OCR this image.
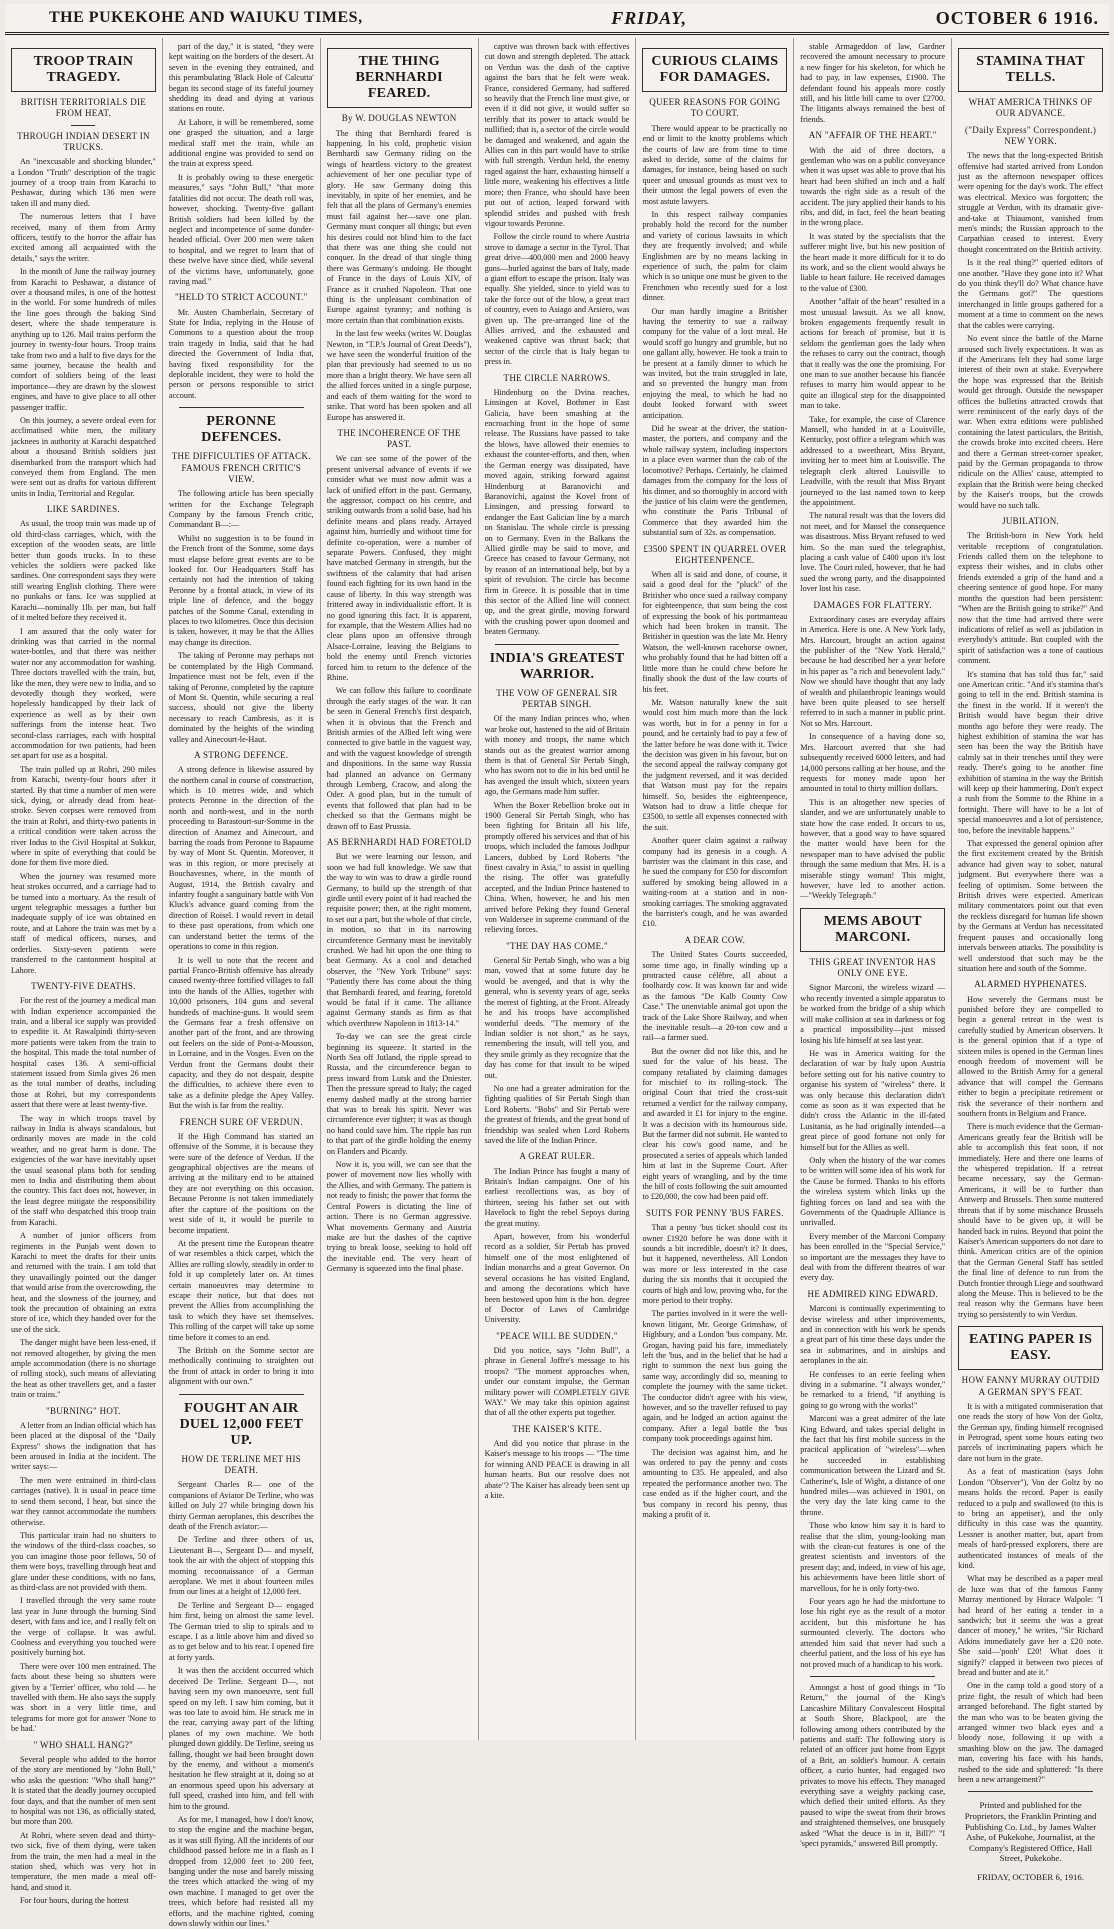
THE PUKEKOHE AND WAIUKU TIMES,	FRIDAY,	OCTOBER 6 1916.
TROOP TRAIN TRAGEDY.
BRITISH TERRITORIALS DIE FROM HEAT.
THROUGH INDIAN DESERT IN TRUCKS.

An "inexcusable and shocking blunder," a London "Truth" description of the tragic journey of a troop train from Karachi to Peshawar, during which 136 men were taken ill and many died.

The numerous letters that I have received, many of them from Army officers, testify to the horror the affair has excited among all acquainted with the details," says the writer.

In the month of June the railway journey from Karachi to Peshawar, a distance of over a thousand miles, is one of the hottest in the world. For some hundreds of miles the line goes through the baking Sind desert, where the shade temperature is anything up to 126. Mail trains perform the journey in twenty-four hours. Troop trains take from two and a half to five days for the same journey, because the health and comfort of soldiers being of the least importance—they are drawn by the slowest engines, and have to give place to all other passenger traffic.

On this journey, a severe ordeal even for acclimatised white men, the military jacknees in authority at Karachi despatched about a thousand British soldiers just disembarked from the transport which had conveyed them from England. The men were sent out as drafts for various different units in India, Territorial and Regular.

LIKE SARDINES.

As usual, the troop train was made up of old third-class carriages, which, with the exception of the wooden seats, are little better than goods trucks. In to these vehicles the soldiers were packed like sardines. One correspondent says they were still wearing English clothing. There were no punkahs or fans. Ice was supplied at Karachi—nominally 1lb. per man, but half of it melted before they received it.

I am assured that the only water for drinking was that carried in the normal water-bottles, and that there was neither water nor any accommodation for washing. Three doctors travelled with the train, but, like the men, they were new to India, and so devotedly though they worked, were hopelessly handicapped by their lack of experience as well as by their own sufferings from the intense heat. Two second-class carriages, each with hospital accommodation for two patients, had been set apart for use as a hospital.

The train pulled up at Rohri, 290 miles from Karachi, twenty-four hours after it started. By that time a number of men were sick, dying, or already dead from heat-stroke. Seven corpses were removed from the train at Rohri, and thirty-two patients in a critical condition were taken across the river Indus to the Civil Hospital at Sukkur, where in spite of everything that could be done for them five more died.

When the journey was resumed more heat strokes occurred, and a carriage had to be turned into a mortuary. As the result of urgent telegraphic messages a further but inadequate supply of ice was obtained en route, and at Lahore the train was met by a staff of medical officers, nurses, and orderlies. Sixty-seven patients were transferred to the cantonment hospital at Lahore.

TWENTY-FIVE DEATHS.

For the rest of the journey a medical man with Indian experience accompanied the train, and a liberal ice supply was provided to expedite it. At Rawalpindi thirty-seven more patients were taken from the train to the hospital. This made the total number of hospital cases 136. A semi-official statement issued from Simla gives 26 men as the total number of deaths, including those at Rohri, but my correspondents assert that there were at least twenty-five.

The way in which troops travel by railway in India is always scandalous, but ordinarily moves are made in the cold weather, and no great harm is done. The exigencies of the war have inevitably upset the usual seasonal plans both for sending men to India and distributing them about the country. This fact does not, however, in the least degree mitigate the responsibility of the staff who despatched this troop train from Karachi.

A number of junior officers from regiments in the Punjab went down to Karachi to meet the drafts for their units and returned with the train. I am told that they unavailingly pointed out the danger that would arise from the overcrowding, the heat, and the slowness of the journey, and took the precaution of obtaining an extra store of ice, which they handed over for the use of the sick.

The danger might have been less-ened, if not removed altogether, by giving the men ample accommodation (there is no shortage of rolling stock), such means of alleviating the heat as other travellers get, and a faster train or trains."

"BURNING" HOT.

A letter from an Indian official which has been placed at the disposal of the "Daily Express" shows the indignation that has been aroused in India at the incident. The writer says:—

The men were entrained in third-class carriages (native). It is usual in peace time to send them second, I hear, but since the war they cannot accommodate the numbers otherwise.

This particular train had no shutters to the windows of the third-class coaches, so you can imagine those poor fellows, 50 of them were boys, travelling through heat and glare under these conditions, with no fans, as third-class are not provided with them.

I travelled through the very same route last year in June through the burning Sind desert, with fans and ice, and I really felt on the verge of collapse. It was awful. Coolness and everything you touched were positively burning hot.

There were over 100 men entrained. The facts about these being so shutters were given by a 'Terrier' officer, who told — he travelled with them. He also says the supply was short in a very little time, and telegrams for more got for answer 'None to be had.'

" WHO SHALL HANG?"

Several people who added to the horror of the story are mentioned by "John Bull," who asks the question: "Who shall hang?" It is stated that the deadly journey occupied four days, and that the number of men sent to hospital was not 136, as officially stated, but more than 200.

At Rohri, where seven dead and thirty-two sick, five of them dying, were taken from the train, the men had a meal in the station shed, which was very hot in temperature, the men made a meal off-hand, and stood it.

For four hours, during the hottest

part of the day," it is stated, "they were kept waiting on the borders of the desert. At seven in the evening they entrained, and this perambulating 'Black Hole of Calcutta' began its second stage of its fateful journey shedding its dead and dying at various stations en route.

At Lahore, it will be remembered, some one grasped the situation, and a large medical staff met the train, while an additional engine was provided to send on the train at express speed.

It is probably owing to these energetic measures," says "John Bull," "that more fatalities did not occur. The death roll was, however, shocking. Twenty-five gallant British soldiers had been killed by the neglect and incompetence of some dunder-headed official. Over 200 men were taken to hospital, and we regret to learn that of these twelve have since died, while several of the victims have, unfortunately, gone raving mad."

"HELD TO STRICT ACCOUNT."

Mr. Austen Chamberlain, Secretary of State for India, replying in the House of Commons to a question about the troop train tragedy in India, said that he had directed the Government of India that, having fixed responsibility for the deplorable incident, they were to hold the person or persons responsible to strict account.

PERONNE DEFENCES.
THE DIFFICULTIES OF ATTACK. FAMOUS FRENCH CRITIC'S VIEW.

The following article has been specially written for the Exchange Telegraph Company by the famous French critic, Commandant B—:—

Whilst no suggestion is to be found in the French front of the Somme, some days must elapse before great events are to be looked for. Our Headquarters Staff has certainly not had the intention of taking Peronne by a frontal attack, in view of its triple line of defence, and the boggy patches of the Somme Canal, extending in places to two kilometres. Once this decision is taken, however, it may be that the Allies may change its direction.

The taking of Peronne may perhaps not be contemplated by the High Command. Impatience must not be felt, even if the taking of Peronne, completed by the capture of Mont St. Quentin, while securing a real success, should not give the liberty necessary to reach Cambresis, as it is dominated by the heights of the winding valley and Ainecourt-le-Haut.

A STRONG DEFENCE.

A strong defence is likewise assured by the northern canal in course of construction, which is 10 metres wide, and which protects Peronne in the direction of the north and north-west, and in the north proceeding to Barastourt-sur-Somme in the direction of Anamez and Ainecourt, and barring the roads from Peronne to Bapaume by way of Mont St. Quentin. Moreover, it was in this region, or more precisely at Bouchavesnes, where, in the month of August, 1914, the British cavalry and infantry fought a sanguinary battle with Von Kluck's advance guard coming from the direction of Roisel. I would revert in detail to these past operations, from which one can understand better the terms of the operations to come in this region.

It is well to note that the recent and partial Franco-British offensive has already caused twenty-three fortified villages to fall into the hands of the Allies, together with 10,000 prisoners, 104 guns and several hundreds of machine-guns. It would seem the Germans fear a fresh offensive on another part of the front, and are throwing out feelers on the side of Pont-a-Mousson, in Lorraine, and in the Vosges. Even on the Verdun front the Germans doubt their capacity, and they do not despair, despite the difficulties, to achieve there even to take as a definite pledge the Apey Valley. But the wish is far from the reality.

FRENCH SURE OF VERDUN.

If the High Command has started an offensive of the Somme, it is because they were sure of the defence of Verdun. If the geographical objectives are the means of arriving at the military end to be attained they are not everything on this occasion. Because Peronne is not taken immediately after the capture of the positions on the west side of it, it would be puerile to become impatient.

At the present time the European theatre of war resembles a thick carpet, which the Allies are rolling slowly, steadily in order to fold it up completely later on. At times certain manoeuvres may determine to escape their notice, but that does not prevent the Allies from accomplishing the task to which they have set themselves. This rolling of the carpet will take up some time before it comes to an end.

The British on the Somme sector are methodically continuing to straighten out the front of attack in order to bring it into alignment with our own."

FOUGHT AN AIR DUEL 12,000 FEET UP.
HOW DE TERLINE MET HIS DEATH.

Sergeant Charles R— one of the companions of Aviator De Terline, who was killed on July 27 while bringing down his thirty German aeroplanes, this describes the death of the French aviator:—

De Terline and three others of us, Lieutenant B—, Sergeant D— and myself, took the air with the object of stopping this morning reconnaissance of a German aeroplane. We met it about fourteen miles from our lines at a height of 12,000 feet.

De Terline and Sergeant D— engaged him first, being on almost the same level. The German tried to slip to spirals and to escape. I as a little above him and dived so as to get below and to his rear. I opened fire at forty yards.

It was then the accident occurred which deceived De Terline. Sergeant D—, not having seen my own manoeuvre, sent full speed on my left. I saw him coming, but it was too late to avoid him. He struck me in the rear, carrying away part of the lifting planes of my own machine. We both plunged down giddily. De Terline, seeing us falling, thought we had been brought down by the enemy, and without a moment's hesitation he flew straight at it, doing so at an enormous speed upon his adversary at full speed, crashed into him, and fell with him to the ground.

As for me, I managed, how I don't know, to stop the engine and the machine began, as it was still flying. All the incidents of our childhood passed before me in a flash as I dropped from 12,000 feet to 200 feet, banging under the nose and barely missing the trees which attacked the wing of my own machine. I managed to get over the trees, which before had resisted all my efforts, and the machine righted, coming down slowly within our lines."

THE THING BERNHARDI FEARED.
By W. DOUGLAS NEWTON

The thing that Bernhardi feared is happening. In his cold, prophetic vision Bernhardi saw Germany riding on the wings of heartless victory to the greatest achievement of her one peculiar type of glory. He saw Germany doing this inevitably, in spite of her enemies, and he felt that all the plans of Germany's enemies must fail against her—save one plan. Germany must conquer all things; but even his desires could not blind him to the fact that there was one thing she could not conquer. In the dread of that single thing there was Germany's undoing. He thought of France in the days of Louis XIV, of France as it crushed Napoleon. That one thing is the unpleasant combination of Europe against tyranny; and nothing is more certain than that combination exists.

In the last few weeks (writes W. Douglas Newton, in "T.P.'s Journal of Great Deeds"), we have seen the wonderful fruition of the plan that previously had seemed to us no more than a bright theory. We have seen all the allied forces united in a single purpose, and each of them waiting for the word to strike. That word has been spoken and all Europe has answered it.

THE INCOHERENCE OF THE PAST.

We can see some of the power of the present universal advance of events if we consider what we must now admit was a lack of unified effort in the past. Germany, the aggressor, compact on his centre, and striking outwards from a solid base, had his definite means and plans ready. Arrayed against him, hurriedly and without time for definite co-operation, were a number of separate Powers. Confused, they might have matched Germany in strength, but the swiftness of the calamity that had arisen found each fighting for its own hand in the cause of liberty. In this way strength was frittered away in individualistic effort. It is no good ignoring this fact. It is apparent, for example, that the Western Allies had no clear plans upon an offensive through Alsace-Lorraine, leaving the Belgians to bold the enemy until French victories forced him to return to the defence of the Rhine.

We can follow this failure to coordinate through the early stages of the war. It can be seen in General French's first despatch, when it is obvious that the French and British armies of the Allied left wing were connected to give battle in the vaguest way, and with the vaguest knowledge of strength and dispositions. In the same way Russia had planned an advance on Germany through Lemberg, Cracow, and along the Oder. A good plan, but in the tumult of events that followed that plan had to be checked so that the Germans might be drawn off to East Prussia.

AS BERNHARDI HAD FORETOLD

But we were learning our lesson, and soon we had full knowledge. We saw that the way to win was to draw a girdle round Germany, to build up the strength of that girdle until every point of it had reached the requisite power; then, at the right moment, to set out a part, but the whole of that circle, in motion, so that in its narrowing circumference Germany must be inevitably crushed. We had hit upon the one thing to beat Germany. As a cool and detached observer, the "New York Tribune" says: "Patiently there has come about the thing that Bernhardi feared, and fearing, foretold would be fatal if it came. The alliance against Germany stands as firm as that which overthrew Napoleon in 1813-14."

To-day we can see the great circle beginning its squeeze. It started in the North Sea off Jutland, the ripple spread to Russia, and the circumference began to press inward from Lutsk and the Dniester. Then the pressure spread to Italy; the caged enemy dashed madly at the strong barrier that was to break his spirit. Never was circumference ever tighter; it was as though no hand could save him. The ripple has run to that part of the girdle holding the enemy on Flanders and Picardy.

Now it is, you will, we can see that the power of movement now lies wholly with the Allies, and with Germany. The pattern is not ready to finish; the power that forms the Central Powers is dictating the line of action. There is no German aggressive. What movements Germany and Austria make are but the dashes of the captive trying to break loose, seeking to hold off the inevitable end. The very heart of Germany is squeezed into the final phase.

captive was thrown back with effectives cut down and strength depleted. The attack on Verdun was the dash of the captive against the bars that he felt were weak. France, considered Germany, had suffered so heavily that the French line must give, or even if it did not give, it would suffer so terribly that its power to attack would be nullified; that is, a sector of the circle would be damaged and weakened, and again the Allies can in this part would have to strike with full strength. Verdun held, the enemy raged against the barr, exhausting himself a little more, weakening his effectives a little more; then France, who should have been put out of action, leaped forward with splendid strides and pushed with fresh vigour towards Peronne.

Follow the circle round to where Austria strove to damage a sector in the Tyrol. That great drive—400,000 men and 2000 heavy guns—hurled against the bars of Italy, made a giant effort to escape the prison. Italy was equally. She yielded, since to yield was to take the force out of the blow, a great tract of country, even to Asiago and Arsiero, was given up. The pre-arranged line of the Allies arrived, and the exhausted and weakened captive was thrust back; that sector of the circle that is Italy began to press in.

THE CIRCLE NARROWS.

Hindenburg on the Dvina reaches, Linsingen at Kovel, Bothmer in East Galicia, have been smashing at the encroaching front in the hope of some release. The Russians have passed to take the blows, have allowed their enemies to exhaust the counter-efforts, and then, when the German energy was dissipated, have moved again, striking forward against Hindenburg at Baranovichi and Baranovichi, against the Kovel front of Linsingen, and pressing forward to endanger the East Galician line by a march on Stanislau. The whole circle is pressing on to Germany. Even in the Balkans the Allied girdle may be said to move, and Greece has ceased to favour Germany, not by reason of an international help, but by a spirit of revulsion. The circle has become firm in Greece. It is possible that in time this sector of the Allied line will connect up, and the great girdle, moving forward with the crushing power upon doomed and beaten Germany.

INDIA'S GREATEST WARRIOR.
THE VOW OF GENERAL SIR PERTAB SINGH.

Of the many Indian princes who, when war broke out, hastened to the aid of Britain with money and troops, the name which stands out as the greatest warrior among them is that of General Sir Pertab Singh, who has sworn not to die in his bed until he has avenged the insult which, sixteen years ago, the Germans made him suffer.

When the Boxer Rebellion broke out in 1900 General Sir Pertab Singh, who has been fighting for Britain all his life, promptly offered his services and that of his troops, which included the famous Jodhpur Lancers, dubbed by Lord Roberts "the finest cavalry in Asia," to assist in quelling the rising. The offer was gratefully accepted, and the Indian Prince hastened to China. When, however, he and his men arrived before Peking they found General von Waldersee in supreme command of the relieving forces.

"THE DAY HAS COME."

General Sir Pertab Singh, who was a big man, vowed that at some future day he would be avenged, and that is why the general, who is seventy years of age, seeks the merest of fighting, at the Front. Already he and his troops have accomplished wonderful deeds. "The memory of the Indian soldier is not short," as he says, remembering the insult, will tell you, and they smile grimly as they recognize that the day has come for that insult to be wiped out.

No one had a greater admiration for the fighting qualities of Sir Pertab Singh than Lord Roberts. "Bobs" and Sir Pertab were the greatest of friends, and the great bond of friendship was sealed when Lord Roberts saved the life of the Indian Prince.

A GREAT RULER.

The Indian Prince has fought a many of Britain's Indian campaigns. One of his earliest recollections was, as boy of thirteen, seeing his father set out with Havelock to fight the rebel Sepoys during the great mutiny.

Apart, however, from his wonderful record as a soldier, Sir Pertab has proved himself one of the most enlightened of Indian monarchs and a great Governor. On several occasions he has visited England, and among the decorations which have been bestowed upon him is the hon. degree of Doctor of Laws of Cambridge University.

"PEACE WILL BE SUDDEN."

Did you notice, says "John Bull", a phrase in General Joffre's message to his troops? "The moment approaches when, under our constant impulse, the German military power will COMPLETELY GIVE WAY." We may take this opinion against that of all the other experts put together.

THE KAISER'S KITE.

And did you notice that phrase in the Kaiser's message to his troops — "The time for winning AND PEACE is drawing in all human hearts. But our resolve does not abate"? The Kaiser has already been sent up a kite.

CURIOUS CLAIMS FOR DAMAGES.
QUEER REASONS FOR GOING TO COURT.

There would appear to be practically no end or limit to the knotty problems which the courts of law are from time to time asked to decide, some of the claims for damages, for instance, being based on such queer and unusual grounds as must vex to their utmost the legal powers of even the most astute lawyers.

In this respect railway companies probably hold the record for the number and variety of curious lawsuits in which they are frequently involved; and while Englishmen are by no means lacking in experience of such, the palm for claim which is so unique one must be given to the Frenchmen who recently sued for a lost dinner.

Our man hardly imagine a Britisher having the temerity to sue a railway company for the value of a lost meal. He would scoff go hungry and grumble, but no one gallant ally, however. He took a train to be present at a family dinner to which he was invited, but the train struggled in late, and so prevented the hungry man from enjoying the meal, to which he had no doubt looked forward with sweet anticipation.

Did he swear at the driver, the station-master, the porters, and company and the whole railway system, including inspectors in a place even warmer than the cab of the locomotive? Perhaps. Certainly, he claimed damages from the company for the loss of his dinner, and so thoroughly in accord with the justice of his claim were the gentlemen, who constitute the Paris Tribunal of Commerce that they awarded him the substantial sum of 32s. as compensation.

£3500 SPENT IN QUARREL OVER EIGHTEENPENCE.

When all is said and done, of course, it said a good deal for the "pluck" of the Britisher who once sued a railway company for eighteenpence, that sum being the cost of expressing the book of his portmanteau which had been broken in transit. The Britisher in question was the late Mr. Henry Watson, the well-known racehorse owner, who probably found that he had bitten off a little more than he could chew before he finally shook the dust of the law courts of his feet.

Mr. Watson naturally knew the suit would cost him much more than the lock was worth, but in for a penny in for a pound, and he certainly had to pay a few of the latter before he was done with it. Twice the decision was given in his favour, but on the second appeal the railway company got the judgment reversed, and it was decided that Watson must pay for the repairs himself. So, besides the eighteenpence, Watson had to draw a little cheque for £3500, to settle all expenses connected with the suit.

Another queer claim against a railway company had its genesis in a cough. A barrister was the claimant in this case, and he sued the company for £50 for discomfort suffered by smoking being allowed in a waiting-room at a station and in non-smoking carriages. The smoking aggravated the barrister's cough, and he was awarded £10.

A DEAR COW.

The United States Courts succeeded, some time ago, in finally winding up a protracted cause célèbre, all about a foolhardy cow. It was known far and wide as the famous "De Kalb County Cow Case." The unenviable animal got upon the track of the Lake Shore Railway, and when the inevitable result—a 20-ton cow and a rail—a farmer sued.

But the owner did not like this, and he sued for the value of his beast. The company retaliated by claiming damages for mischief to its rolling-stock. The original Court that tried the cross-suit returned a verdict for the railway company, and awarded it £1 for injury to the engine. It was a decision with its humourous side. But the farmer did not submit. He wanted to clear his cow's good name, and he prosecuted a series of appeals which landed him at last in the Supreme Court. After eight years of wrangling, and by the time the bill of costs following the suit amounted to £20,000, the cow had been paid off.

SUITS FOR PENNY 'BUS FARES.

That a penny 'bus ticket should cost its owner £1920 before he was done with it sounds a bit incredible, doesn't it? It does, but it happened, nevertheless. All London was more or less interested in the case during the six months that it occupied the courts of high and low, proving who, for the more period to their trophy.

The parties involved in it were the well-known litigant, Mr. George Grimshaw, of Highbury, and a London 'bus company. Mr. Grogan, having paid his fare, immediately left the 'bus, and in the belief that he had a right to summon the next bus going the same way, accordingly did so, meaning to complete the journey with the same ticket. The conductor didn't agree with his view, however, and so the traveller refused to pay again, and he lodged an action against the company. After a legal battle the 'bus company took proceedings against him.

The decision was against him, and he was ordered to pay the penny and costs amounting to £35. He appealed, and also repeated the performance another two. The case ended as if the higher court, and the 'bus company in record his penny, thus making a profit of it.

stable Armageddon of law, Gardner recovered the amount necessary to procure a new finger for his skeleton, for which he had to pay, in law expenses, £1900. The defendant found his appeals more costly still, and his little bill came to over £2700. The litigants always remained the best of friends.

AN "AFFAIR OF THE HEART."

With the aid of three doctors, a gentleman who was on a public conveyance when it was upset was able to prove that his heart had been shifted an inch and a half towards the right side as a result of the accident. The jury applied their hands to his ribs, and did, in fact, feel the heart beating in the wrong place.

It was stated by the specialists that the sufferer might live, but his new position of the heart made it more difficult for it to do its work, and so the client would always be liable to heart failure. He received damages to the value of £300.

Another "affair of the heart" resulted in a most unusual lawsuit. As we all know, broken engagements frequently result in actions for breach of promise, but it is seldom the gentleman goes the lady when the refuses to carry out the contract, though that it really was the one the promising. For one man to sue another because his fiancée refuses to marry him would appear to be quite an illogical step for the disappointed man to take.

Take, for example, the case of Clarence Mansell, who handed in at a Louisville, Kentucky, post office a telegram which was addressed to a sweetheart, Miss Bryant, inviting her to meet him at Louisville. The telegraph clerk altered Louisville to Leadville, with the result that Miss Bryant journeyed to the last named town to keep the appointment.

The natural result was that the lovers did not meet, and for Mansel the consequence was disastrous. Miss Bryant refused to wed him. So the man sued the telegraphist, placing a cash value of £400 upon it's lost love. The Court ruled, however, that he had sued the wrong party, and the disappointed lover lost his case.

DAMAGES FOR FLATTERY.

Extraordinary cases are everyday affairs in America. Here is one. A New York lady, Mrs. Harcourt, brought an action against the publisher of the "New York Herald," because he had described her a year before in his paper as "a rich and benevolent lady." Now we should have thought that any lady of wealth and philanthropic leanings would have been quite pleased to see herself referred to in such a manner in public print. Not so Mrs. Harcourt.

In consequence of a having done so, Mrs. Harcourt averred that she had subsequently received 6000 letters, and had 14,000 persons calling at her house, and the requests for money made upon her amounted in total to thirty million dollars.

This is an altogether new species of slander, and we are unfortunately unable to state how the case ended. It occurs to us, however, that a good way to have squared the matter would have been for the newspaper man to have advised the public through the same medium that Mrs. H. is a miserable stingy woman! This might, however, have led to another action.—"Weekly Telegraph."

MEMS ABOUT MARCONI.
THIS GREAT INVENTOR HAS ONLY ONE EYE.

Signor Marconi, the wireless wizard —who recently invented a simple apparatus to be worked from the bridge of a ship which will make collision at sea in darkness or fog a practical impossibility—just missed losing his life himself at sea last year.

He was in America waiting for the declaration of war by Italy upon Austria before setting out for his native country to organise his system of "wireless" there. It was only because this declaration didn't come as soon as it was expected that he didn't cross the Atlantic in the ill-fated Lusitania, as he had originally intended—a great piece of good fortune not only for himself but for the Allies as well.

Only when the history of the war comes to be written will some idea of his work for the Cause be formed. Thanks to his efforts the wireless system which links up the fighting forces on land and sea with the Governments of the Quadruple Alliance is unrivalled.

Every member of the Marconi Company has been enrolled in the "Special Service," so important are the messages they have to deal with from the different theatres of war every day.

HE ADMIRED KING EDWARD.

Marconi is continually experimenting to devise wireless and other improvements, and in connection with his work he spends a great part of his time these days under the sea in submarines, and in airships and aeroplanes in the air.

He confesses to an eerie feeling when diving in a submarine. "I always wonder," he remarked to a friend, "if anything is going to go wrong with the works!"

Marconi was a great admirer of the late King Edward, and takes special delight in the fact that his first mobile success in the practical application of "wireless"—when he succeeded in establishing communication between the Lizard and St. Catherine's, Isle of Wight, a distance of one hundred miles—was achieved in 1901, on the very day the late king came to the throne.

Those who know him say it is hard to realise that the slim, young-looking man with the clean-cut features is one of the greatest scientists and inventors of the present day; and, indeed, in view of his age, his achievements have been little short of marvellous, for he is only forty-two.

Four years ago he had the misfortune to lose his right eye as the result of a motor accident, but this misfortune he has surmounted cleverly. The doctors who attended him said that never had such a cheerful patient, and the loss of his eye has not proved much of a handicap to his work.

Amongst a host of good things in "To Return," the journal of the King's Lancashire Military Convalescent Hospital at South Shore, Blackpool, are the following among others contributed by the patients and staff: The following story is related of an officer just home from Egypt of a Brit, an soldier's humour. A certain officer, a curio hunter, had engaged two privates to move his effects. They managed everything save a weighty packing case, which defied their united efforts. As they paused to wipe the sweat from their brows and straightened themselves, one brusquely asked "What the deuce is in it, Bill?" "I 'spect pyramids," answered Bill promptly.

STAMINA THAT TELLS.
WHAT AMERICA THINKS OF OUR ADVANCE.
("Daily Express" Correspondent.) NEW YORK.

The news that the long-expected British offensive had started arrived from London just as the afternoon newspaper offices were opening for the day's work. The effect was electrical. Mexico was forgotten; the struggle at Verdun, with its dramatic give-and-take at Thiaumont, vanished from men's minds; the Russian approach to the Carpathian ceased to interest. Every thought concentrated on the British activity.

Is it the real thing?" queried editors of one another. "Have they gone into it? What do you think they'll do? What chance have the Germans got?" The questions interchanged in little groups gathered for a moment at a time to comment on the news that the cables were carrying.

No event since the battle of the Marne aroused such lively expectations. It was as if the Americans felt they had some large interest of their own at stake. Everywhere the hope was expressed that the British would get through. Outside the newspaper offices the bulletins attracted crowds that were reminiscent of the early days of the war. When extra editions were published containing the latest particulars, the British, the crowds broke into excited cheers. Here and there a German street-corner speaker, paid by the German propaganda to throw ridicule on the Allies' cause, attempted to explain that the British were being checked by the Kaiser's troops, but the crowds would have no such talk.

JUBILATION.

The British-born in New York held veritable receptions of congratulation. Friends called them on the telephone to express their wishes, and in clubs other friends extended a grip of the hand and a cheering sentence of good hope. For many months the question had been persistent: "When are the British going to strike?" And now that the time had arrived there were indications of relief as well as jubilation in everybody's attitude. But coupled with the spirit of satisfaction was a tone of cautious comment.

It's stamina that has told thus far," said one American critic. "And it's stamina that's going to tell in the end. British stamina is the finest in the world. If it weren't the British would have begun their drive months ago before they were ready. The highest exhibition of stamina the war has seen has been the way the British have calmly sat in their trenches until they were ready. There's going to be another fine exhibition of stamina in the way the British will keep up their hammering. Don't expect a rush from the Somme to the Rhine in a fortnight. There will have to be a lot of special manoeuvres and a lot of persistence, too, before the inevitable happens."

That expressed the general opinion after the first excitement created by the British advance had given way to sober, natural judgment. But everywhere there was a feeling of optimism. Some between the British drives were expected. American military commentators point out that even the reckless disregard for human life shown by the Germans at Verdun has necessitated frequent pauses and occasionally long intervals between attacks. The possibility is well understood that such may be the situation here and south of the Somme.

ALARMED HYPHENATES.

How severely the Germans must be punished before they are compelled to begin a general retreat in the west is carefully studied by American observers. It is the general opinion that if a type of sixteen miles is opened in the German lines enough freedom of movement will be allowed to the British Army for a general advance that will compel the Germans either to begin a precipitate retirement or risk the severance of their northern and southern fronts in Belgium and France.

There is much evidence that the German-Americans greatly fear the British will be able to accomplish this feat soon, if not immediately. Here and there one learns of the whispered trepidation. If a retreat became necessary, say the German-Americans, it will be to further than Antwerp and Brussels. Then some muttered threats that if by some mischance Brussels should have to be given up, it will be handed back in ruins. Beyond that point the Kaiser's American supporters do not dare to think. American critics are of the opinion that the German General Staff has settled the final line of defence to run from the Dutch frontier through Liege and southward along the Meuse. This is believed to be the real reason why the Germans have been trying so persistently to win Verdun.

EATING PAPER IS EASY.
HOW FANNY MURRAY OUTDID A GERMAN SPY'S FEAT.

It is with a mitigated commiseration that one reads the story of how Von der Goltz, the German spy, finding himself recognised in Petrograd, spent some hours eating two parcels of incriminating papers which he dare not burn in the grate.

As a feat of mastication (says John London "Observer"), Von der Goltz by no means holds the record. Paper is easily reduced to a pulp and swallowed (to this is to bring an appetiser), and the only difficulty in this case was the quantity. Lessner is another matter, but, apart from meals of hard-pressed explorers, there are authenticated instances of meals of the kind.

What may be described as a paper meal de luxe was that of the famous Fanny Murray mentioned by Horace Walpole: "I had heard of her eating a tender in a sandwich; but it seems she was a great dancer of money," he writes, "Sir Richard Atkins immediately gave her a £20 note. She said—'pooh' £20! What does it signify?' clapped it between two pieces of bread and butter and ate it."

One in the camp told a good story of a prize fight, the result of which had been arranged beforehand. The fight started by the man who was to be beaten giving the arranged winner two black eyes and a bloody nose, following it up with a smashing blow on the jaw. The damaged man, covering his face with his hands, rushed to the side and spluttered: "Is there been a new arrangement?"

Printed and published for the Proprietors, the Franklin Printing and Publishing Co. Ltd., by James Walter Ashe, of Pukekohe, Journalist, at the Company's Registered Office, Hall Street, Pukekohe.
FRIDAY, OCTOBER 6, 1916.
